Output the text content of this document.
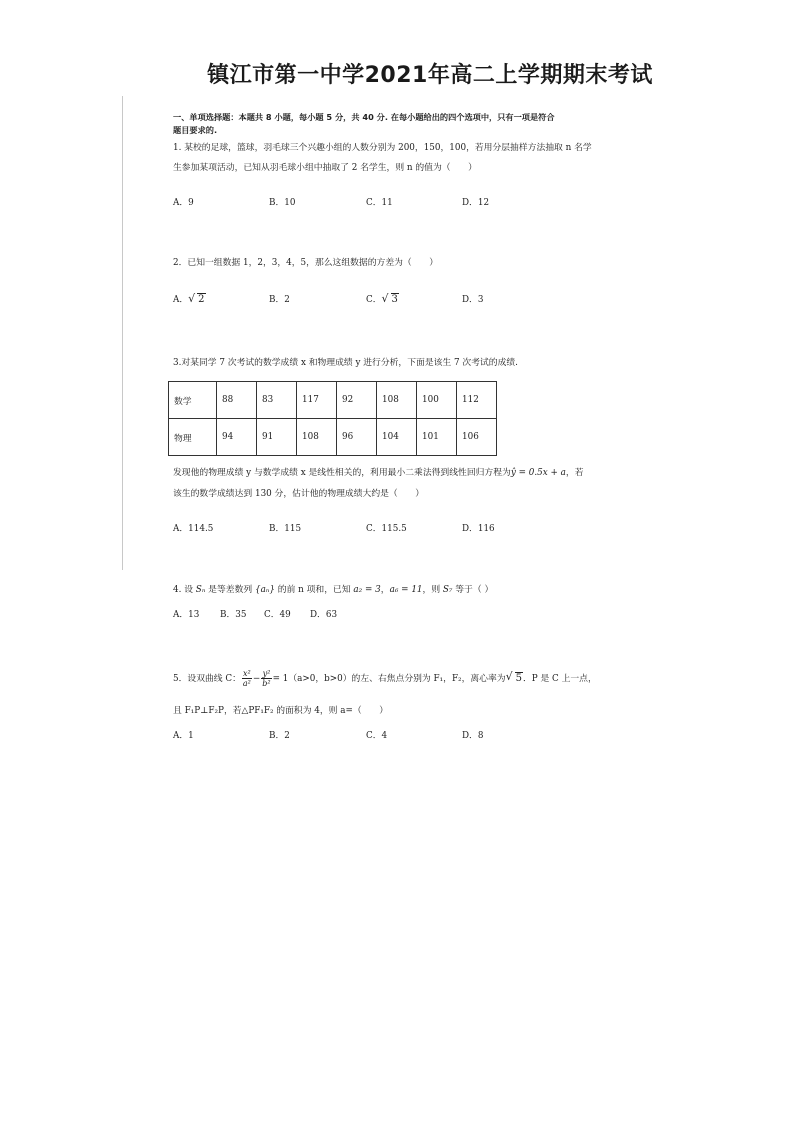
镇江市第一中学2021年高二上学期期末考试
一、单项选择题：本题共 8 小题，每小题 5 分，共 40 分. 在每小题给出的四个选项中，只有一项是符合
题目要求的.
1. 某校的足球，篮球，羽毛球三个兴趣小组的人数分别为 200，150，100，若用分层抽样方法抽取 n 名学
生参加某项活动，已知从羽毛球小组中抽取了 2 名学生，则 n 的值为（　　）
A．9	B．10	C．11	D．12
2．已知一组数据 1，2，3，4，5，那么这组数据的方差为（　　）
A． √ 2	B．2	C． √ 3	D．3
3.对某同学 7 次考试的数学成绩 x 和物理成绩 y 进行分析，下面是该生 7 次考试的成绩.
数学	88	83	117	92	108	100	112
物理	94	91	108	96	104	101	106
发现他的物理成绩 y 与数学成绩 x 是线性相关的，利用最小二乘法得到线性回归方程为ŷ = 0.5x + a，若
该生的数学成绩达到 130 分，估计他的物理成绩大约是（　　）
A．114.5	B．115	C．115.5	D．116
4. 设 Sₙ 是等差数列 {aₙ} 的前 n 项和，已知 a₂ = 3，a₆ = 11，则 S₇ 等于（ ）
A．13 B．35 C．49 D．63
5．设双曲线 C： $\frac{\text{x²}}{\text{a²}} - \frac{\text{y²}}{\text{b²}} = 1(a>0$，b>0）的左、右焦点分别为 F₁，F₂，离心率为 √ 5．P 是 C 上一点，
且 F₁P⊥F₂P，若△PF₁F₂ 的面积为 4，则 a=（　　）
A．1	B．2	C．4	D．8
